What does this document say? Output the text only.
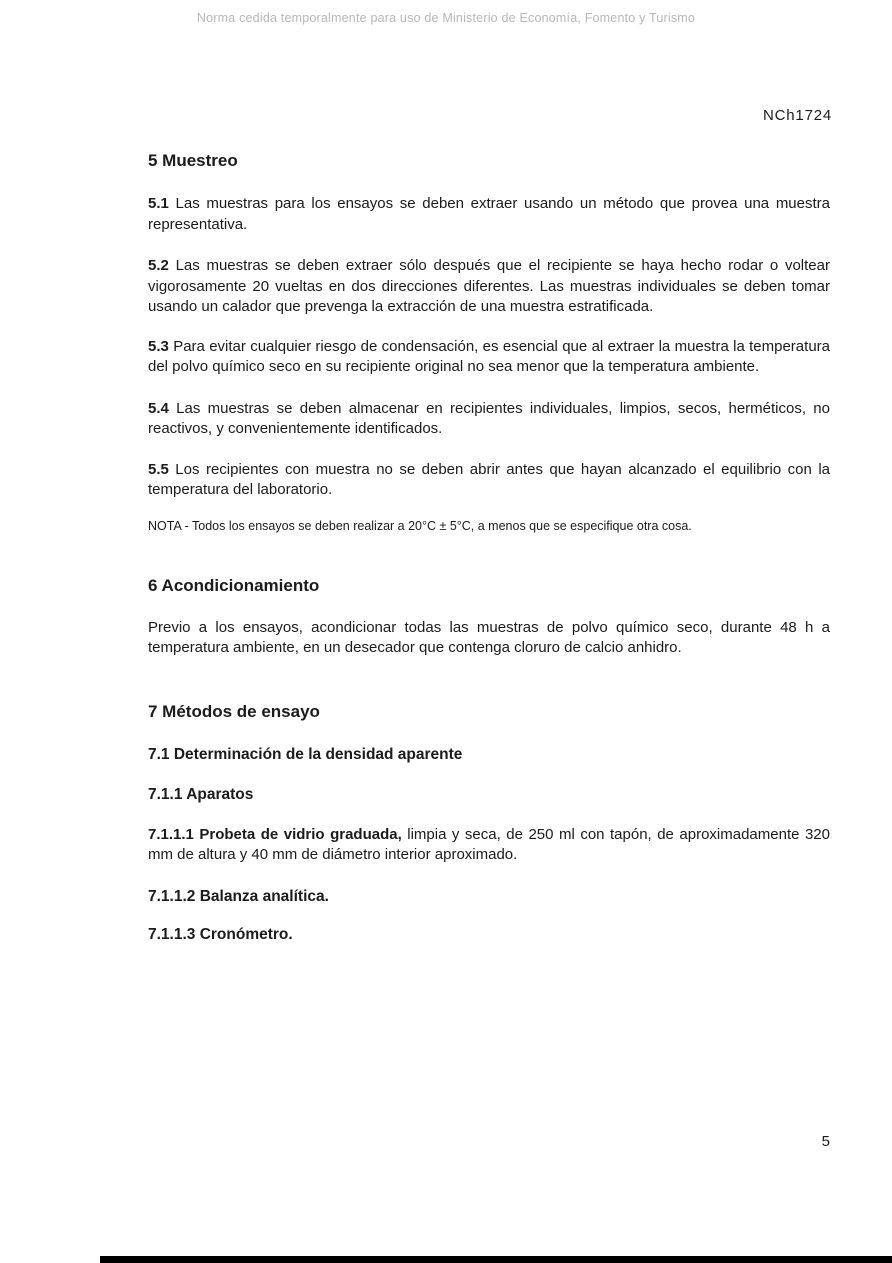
Norma cedida temporalmente para uso de Ministerio de Economía, Fomento y Turismo
NCh1724
5 Muestreo

5.1 Las muestras para los ensayos se deben extraer usando un método que provea una muestra representativa.

5.2 Las muestras se deben extraer sólo después que el recipiente se haya hecho rodar o voltear vigorosamente 20 vueltas en dos direcciones diferentes. Las muestras individuales se deben tomar usando un calador que prevenga la extracción de una muestra estratificada.

5.3 Para evitar cualquier riesgo de condensación, es esencial que al extraer la muestra la temperatura del polvo químico seco en su recipiente original no sea menor que la temperatura ambiente.

5.4 Las muestras se deben almacenar en recipientes individuales, limpios, secos, herméticos, no reactivos, y convenientemente identificados.

5.5 Los recipientes con muestra no se deben abrir antes que hayan alcanzado el equilibrio con la temperatura del laboratorio.

NOTA - Todos los ensayos se deben realizar a 20°C ± 5°C, a menos que se especifique otra cosa.

6 Acondicionamiento

Previo a los ensayos, acondicionar todas las muestras de polvo químico seco, durante 48 h a temperatura ambiente, en un desecador que contenga cloruro de calcio anhidro.

7 Métodos de ensayo
7.1 Determinación de la densidad aparente
7.1.1 Aparatos

7.1.1.1 Probeta de vidrio graduada, limpia y seca, de 250 ml con tapón, de aproximadamente 320 mm de altura y 40 mm de diámetro interior aproximado.

7.1.1.2 Balanza analítica.

7.1.1.3 Cronómetro.

5
